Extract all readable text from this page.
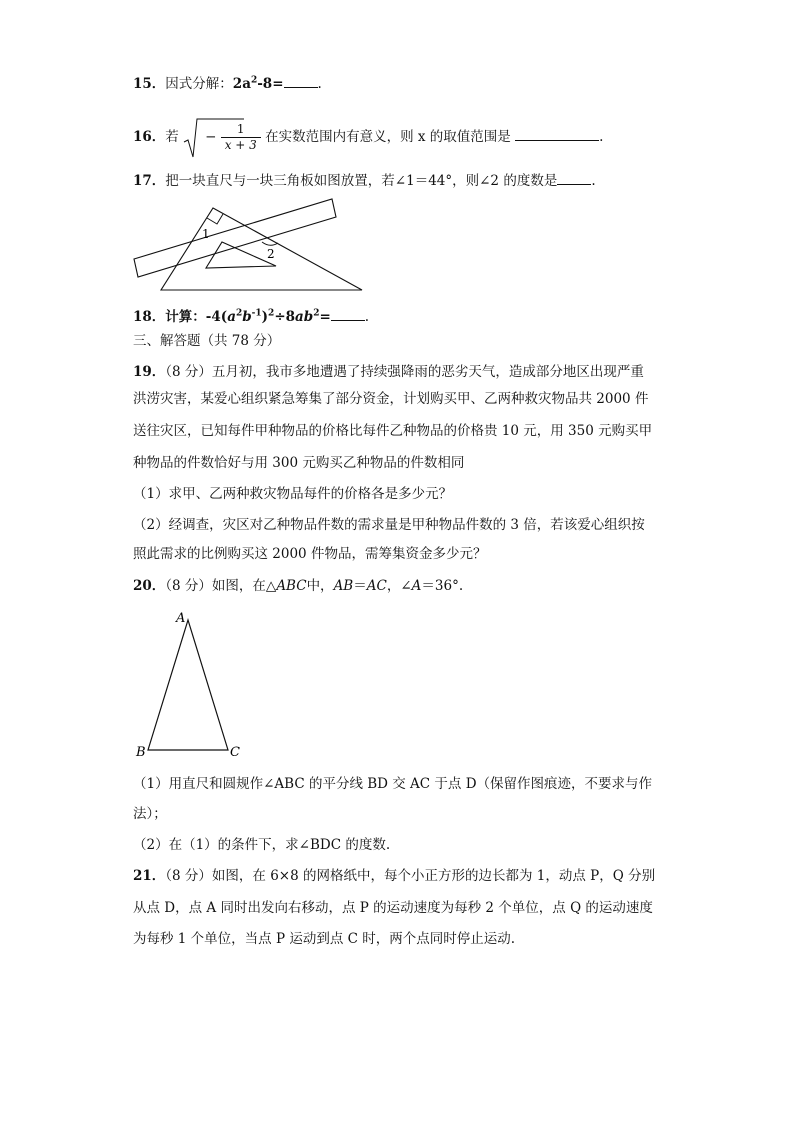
15．因式分解：$2a^2-8=$	.
16．若 − $\frac{1}{x + 3}$ 在实数范围内有意义，则 x 的取值范围是	.
17．把一块直尺与一块三角板如图放置，若∠1＝44°，则∠2 的度数是	.
1
2
18．计算：$-4(a^2b^{-1})^2\div 8ab^2=$	.
三、解答题（共 78 分）
19．（8 分）五月初，我市多地遭遇了持续强降雨的恶劣天气，造成部分地区出现严重
洪涝灾害，某爱心组织紧急筹集了部分资金，计划购买甲、乙两种救灾物品共 2000 件
送往灾区，已知每件甲种物品的价格比每件乙种物品的价格贵 10 元，用 350 元购买甲
种物品的件数恰好与用 300 元购买乙种物品的件数相同
（1）求甲、乙两种救灾物品每件的价格各是多少元？
（2）经调查，灾区对乙种物品件数的需求量是甲种物品件数的 3 倍，若该爱心组织按
照此需求的比例购买这 2000 件物品，需筹集资金多少元？
20．（8 分）如图，在△ABC中，AB＝AC，∠A＝36°.
A
B	C
（1）用直尺和圆规作∠ABC 的平分线 BD 交 AC 于点 D（保留作图痕迹，不要求与作
法）；
（2）在（1）的条件下，求∠BDC 的度数.
21．（8 分）如图，在 6×8 的网格纸中，每个小正方形的边长都为 1，动点 P，Q 分别
从点 D，点 A 同时出发向右移动，点 P 的运动速度为每秒 2 个单位，点 Q 的运动速度
为每秒 1 个单位，当点 P 运动到点 C 时，两个点同时停止运动.
